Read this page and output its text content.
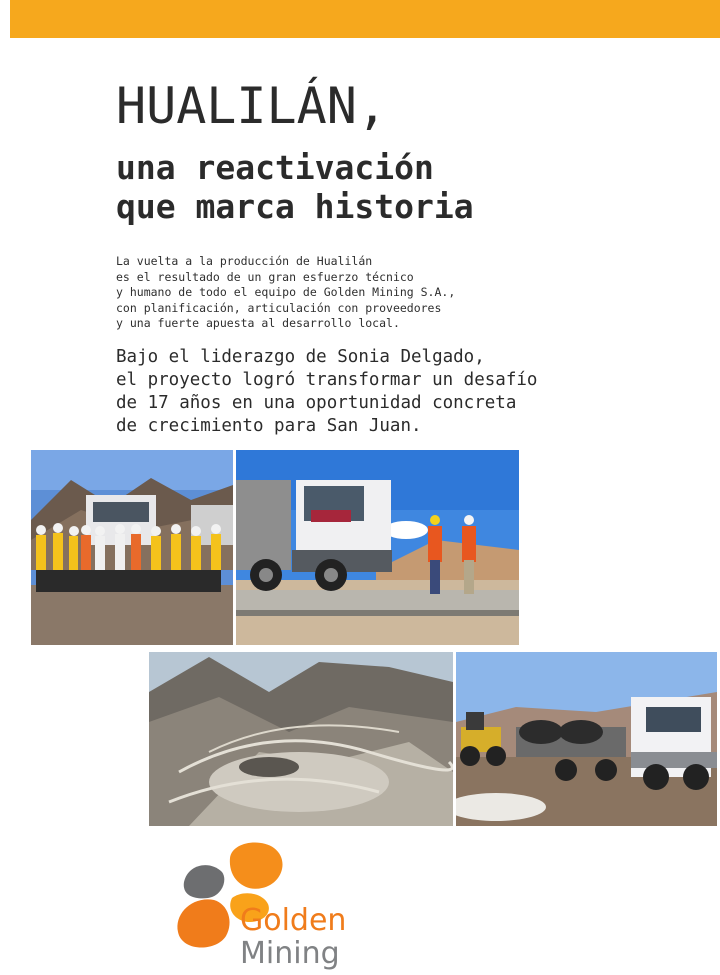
HUALILÁN,
una reactivación
que marca historia

La vuelta a la producción de Hualilán
es el resultado de un gran esfuerzo técnico
y humano de todo el equipo de Golden Mining S.A.,
con planificación, articulación con proveedores
y una fuerte apuesta al desarrollo local.

Bajo el liderazgo de Sonia Delgado,
el proyecto logró transformar un desafío
de 17 años en una oportunidad concreta
de crecimiento para San Juan.

Golden
Mining
